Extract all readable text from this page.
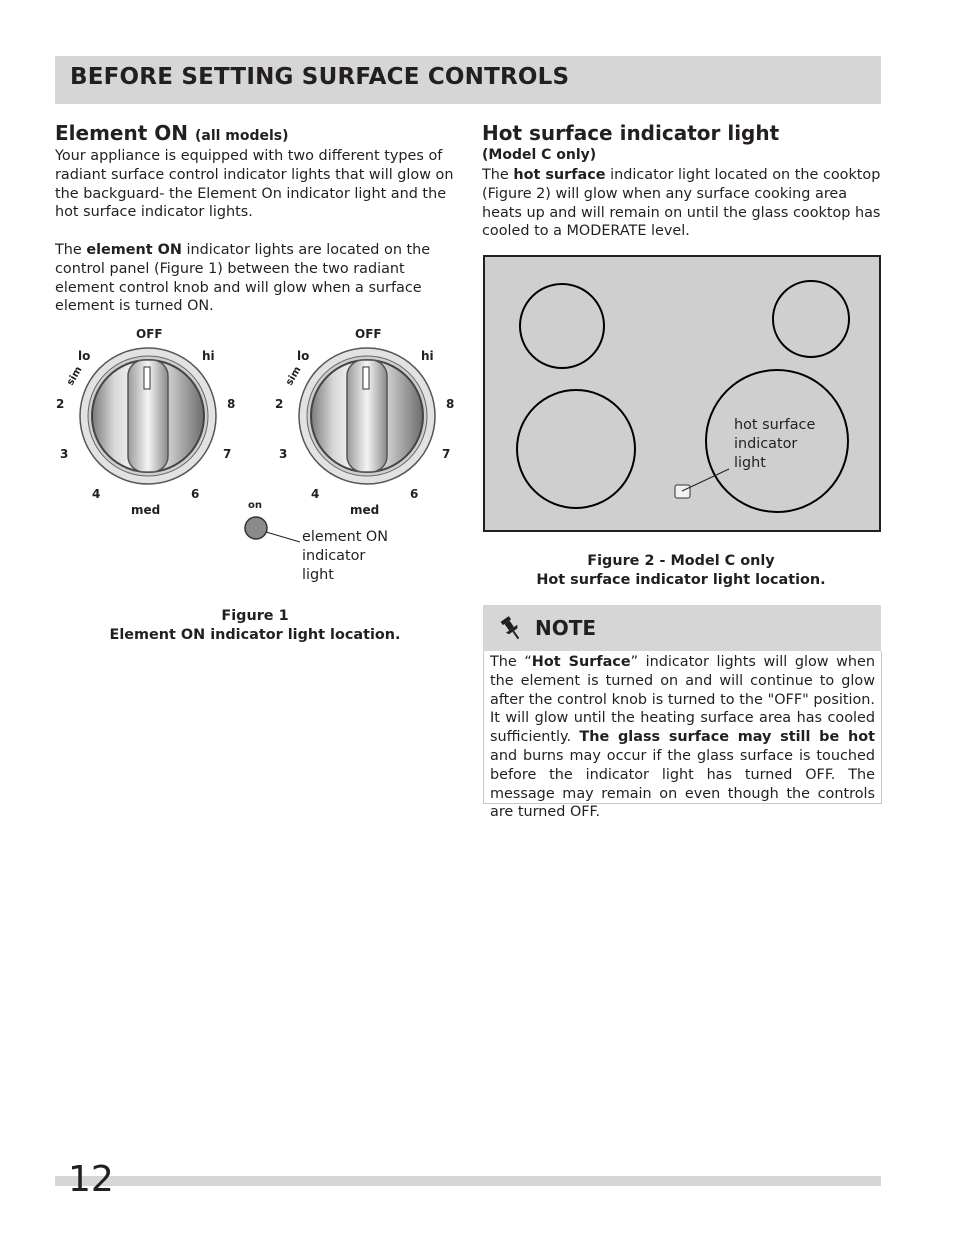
BEFORE SETTING SURFACE CONTROLS
Element ON (all models)

Your appliance is equipped with two different types of radiant surface control indicator lights that will glow on the backguard- the Element On indicator light and the hot surface indicator lights.

The element ON indicator lights are located on the control panel (Figure 1) between the two radiant element control knob and will glow when a surface element is turned ON.

OFF
lo	hi
sim
2
3
4
med
6
7
8
OFF
lo	hi
sim
2
3
4
med
6
7
8
on
element ON
indicator
light
Figure 1
Element ON indicator light location.
Hot surface indicator light
(Model C only)

The hot surface indicator light located on the cooktop (Figure 2) will glow when any surface cooking area heats up and will remain on until the glass cooktop has cooled to a MODERATE level.

hot surface
indicator
light
Figure 2 - Model C only
Hot surface indicator light location.
NOTE

The “Hot Surface” indicator lights will glow when the element is turned on and will continue to glow after the control knob is turned to the "OFF" position. It will glow until the heating surface area has cooled sufficiently. The glass surface may still be hot and burns may occur if the glass surface is touched before the indicator light has turned OFF. The message may remain on even though the controls are turned OFF.

12
